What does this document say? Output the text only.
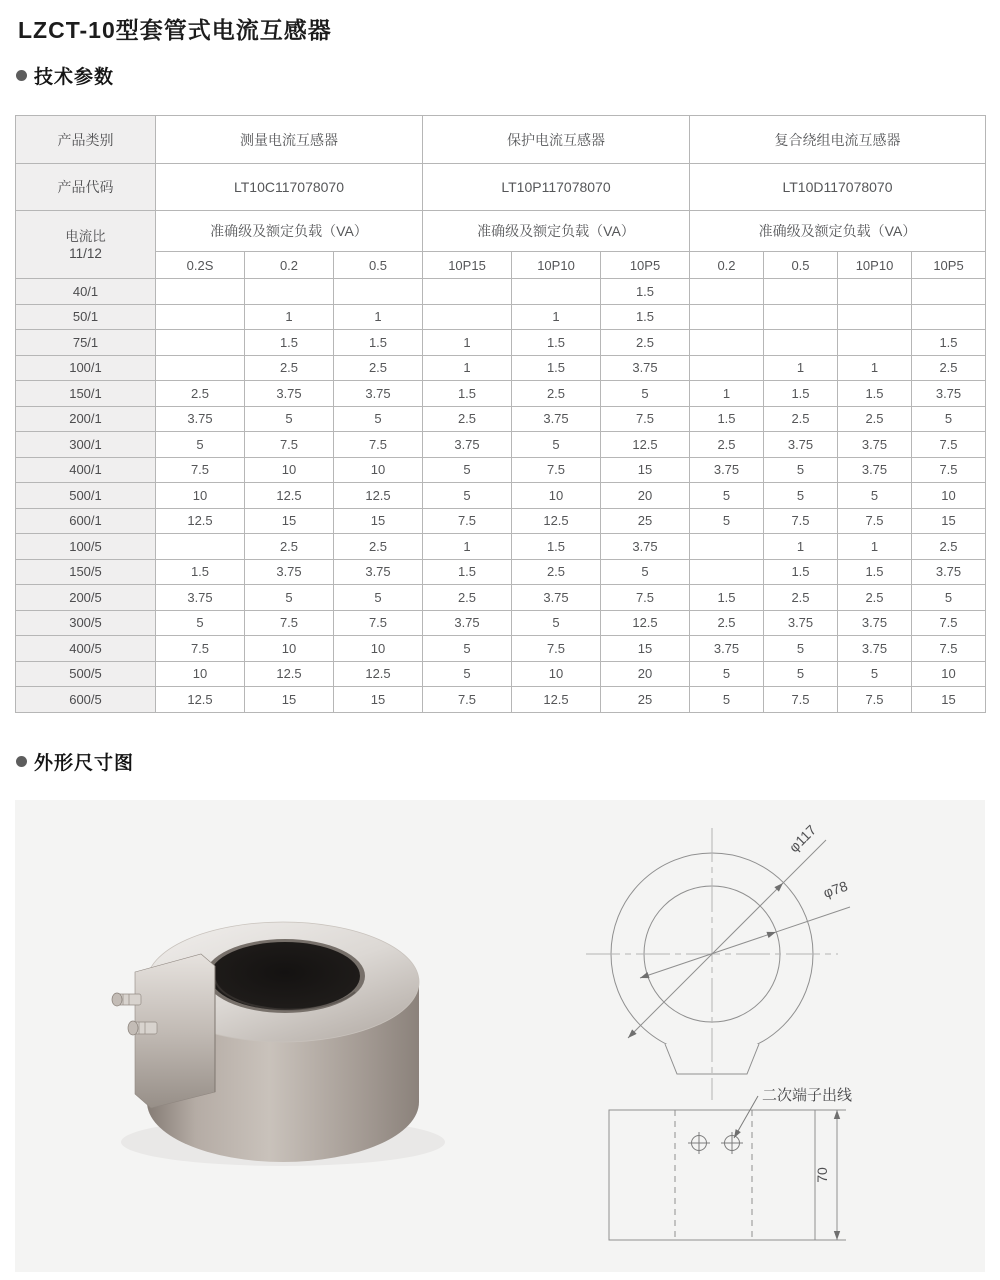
LZCT-10型套管式电流互感器
技术参数
产品类别	测量电流互感器			保护电流互感器			复合绕组电流互感器			
产品代码	LT10C117078070			LT10P117078070			LT10D117078070			

电流比
11/12	准确级及额定负载（VA）			准确级及额定负载（VA）			准确级及额定负载（VA）			
	0.2S	0.2	0.5	10P15	10P10	10P5	0.2	0.5	10P10	10P5
40/1						1.5				
50/1		1	1		1	1.5				
75/1		1.5	1.5	1	1.5	2.5				1.5
100/1		2.5	2.5	1	1.5	3.75		1	1	2.5
150/1	2.5	3.75	3.75	1.5	2.5	5	1	1.5	1.5	3.75
200/1	3.75	5	5	2.5	3.75	7.5	1.5	2.5	2.5	5
300/1	5	7.5	7.5	3.75	5	12.5	2.5	3.75	3.75	7.5
400/1	7.5	10	10	5	7.5	15	3.75	5	3.75	7.5
500/1	10	12.5	12.5	5	10	20	5	5	5	10
600/1	12.5	15	15	7.5	12.5	25	5	7.5	7.5	15
100/5		2.5	2.5	1	1.5	3.75		1	1	2.5
150/5	1.5	3.75	3.75	1.5	2.5	5		1.5	1.5	3.75
200/5	3.75	5	5	2.5	3.75	7.5	1.5	2.5	2.5	5
300/5	5	7.5	7.5	3.75	5	12.5	2.5	3.75	3.75	7.5
400/5	7.5	10	10	5	7.5	15	3.75	5	3.75	7.5
500/5	10	12.5	12.5	5	10	20	5	5	5	10
600/5	12.5	15	15	7.5	12.5	25	5	7.5	7.5	15
外形尺寸图
φ117
φ78
二次端子出线
70
